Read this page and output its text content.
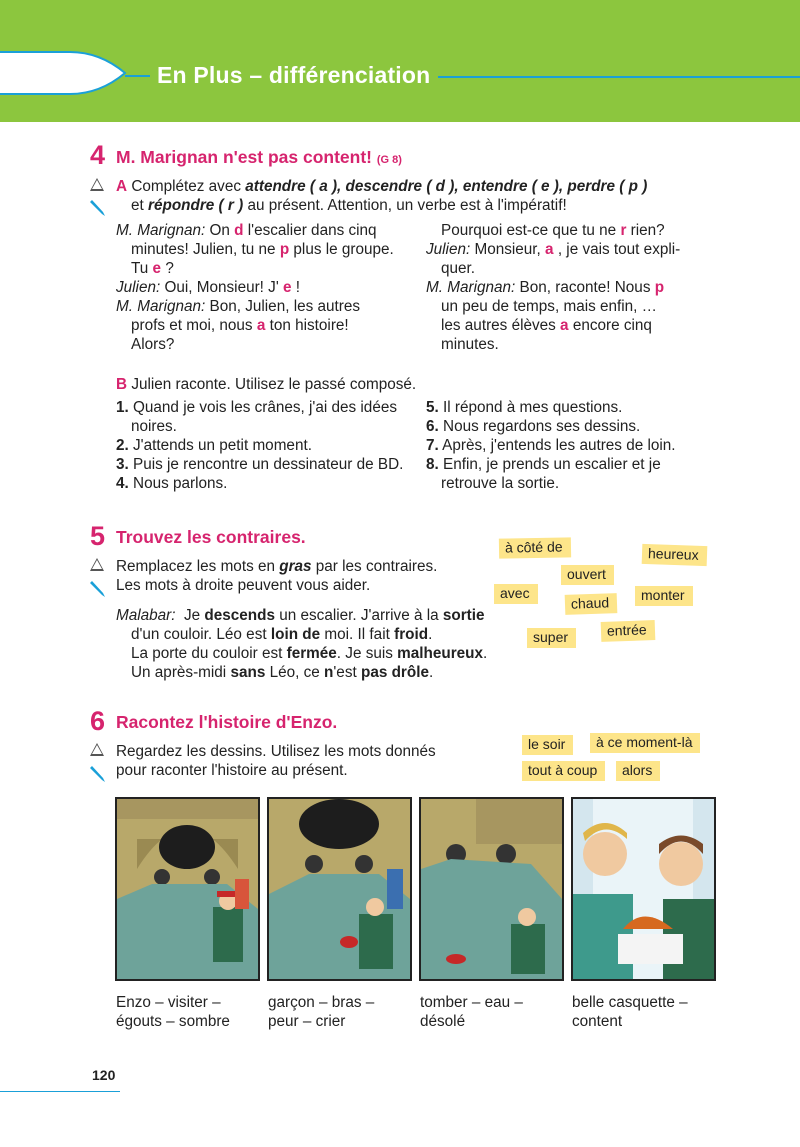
En Plus – différenciation
4 M. Marignan n'est pas content! (G 8)
A Complétez avec attendre ( a ), descendre ( d ), entendre ( e ), perdre ( p )
et répondre ( r ) au présent. Attention, un verbe est à l'impératif!
M. Marignan: On d l'escalier dans cinq
minutes! Julien, tu ne p plus le groupe.
Tu e ?
Julien: Oui, Monsieur! J' e !
M. Marignan: Bon, Julien, les autres
profs et moi, nous a ton histoire!
Alors?
Pourquoi est-ce que tu ne r rien?
Julien: Monsieur, a , je vais tout expli-
quer.
M. Marignan: Bon, raconte! Nous p
un peu de temps, mais enfin, …
les autres élèves a encore cinq
minutes.
B Julien raconte. Utilisez le passé composé.
1. Quand je vois les crânes, j'ai des idées
noires.
2. J'attends un petit moment.
3. Puis je rencontre un dessinateur de BD.
4. Nous parlons.
5. Il répond à mes questions.
6. Nous regardons ses dessins.
7. Après, j'entends les autres de loin.
8. Enfin, je prends un escalier et je
retrouve la sortie.
5 Trouvez les contraires.
Remplacez les mots en gras par les contraires.
Les mots à droite peuvent vous aider.
Malabar:  Je descends un escalier. J'arrive à la sortie
d'un couloir. Léo est loin de moi. Il fait froid.
La porte du couloir est fermée. Je suis malheureux.
Un après-midi sans Léo, ce n'est pas drôle.
à côté de	heureux
ouvert
avec	monter
chaud
entrée
super
6 Racontez l'histoire d'Enzo.
Regardez les dessins. Utilisez les mots donnés
pour raconter l'histoire au présent.
le soir	à ce moment-là
tout à coup	alors
Enzo – visiter –
égouts – sombre
garçon – bras –
peur – crier
tomber – eau –
désolé
belle casquette –
content
120
